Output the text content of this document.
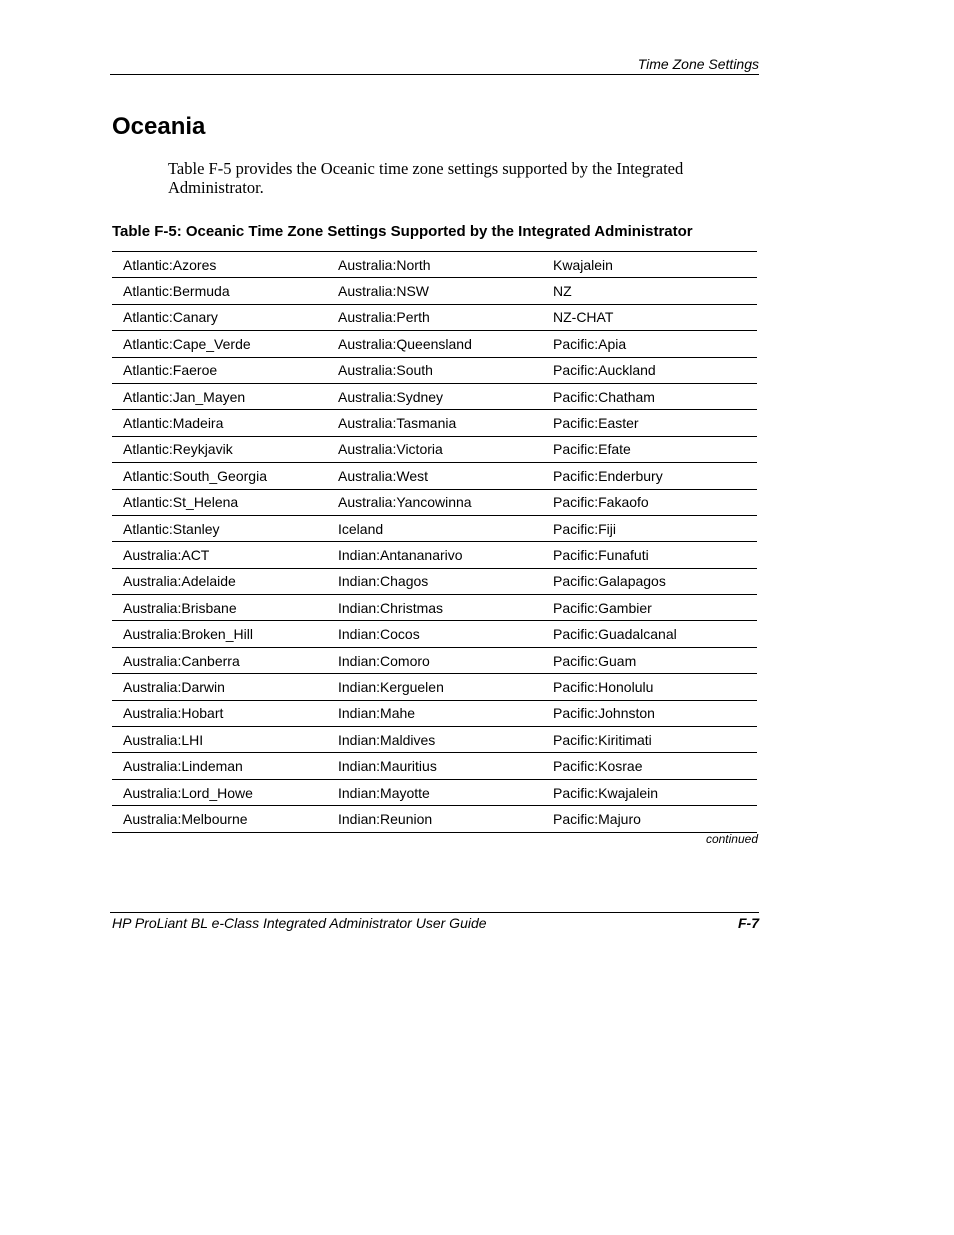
Time Zone Settings
Oceania

Table F-5 provides the Oceanic time zone settings supported by the Integrated Administrator.

Table F-5: Oceanic Time Zone Settings Supported by the Integrated Administrator

Atlantic:Azores	Australia:North	Kwajalein
Atlantic:Bermuda	Australia:NSW	NZ
Atlantic:Canary	Australia:Perth	NZ-CHAT
Atlantic:Cape_Verde	Australia:Queensland	Pacific:Apia
Atlantic:Faeroe	Australia:South	Pacific:Auckland
Atlantic:Jan_Mayen	Australia:Sydney	Pacific:Chatham
Atlantic:Madeira	Australia:Tasmania	Pacific:Easter
Atlantic:Reykjavik	Australia:Victoria	Pacific:Efate
Atlantic:South_Georgia	Australia:West	Pacific:Enderbury
Atlantic:St_Helena	Australia:Yancowinna	Pacific:Fakaofo
Atlantic:Stanley	Iceland	Pacific:Fiji
Australia:ACT	Indian:Antananarivo	Pacific:Funafuti
Australia:Adelaide	Indian:Chagos	Pacific:Galapagos
Australia:Brisbane	Indian:Christmas	Pacific:Gambier
Australia:Broken_Hill	Indian:Cocos	Pacific:Guadalcanal
Australia:Canberra	Indian:Comoro	Pacific:Guam
Australia:Darwin	Indian:Kerguelen	Pacific:Honolulu
Australia:Hobart	Indian:Mahe	Pacific:Johnston
Australia:LHI	Indian:Maldives	Pacific:Kiritimati
Australia:Lindeman	Indian:Mauritius	Pacific:Kosrae
Australia:Lord_Howe	Indian:Mayotte	Pacific:Kwajalein
Australia:Melbourne	Indian:Reunion	Pacific:Majuro
continued
HP ProLiant BL e-Class Integrated Administrator User Guide	F-7
